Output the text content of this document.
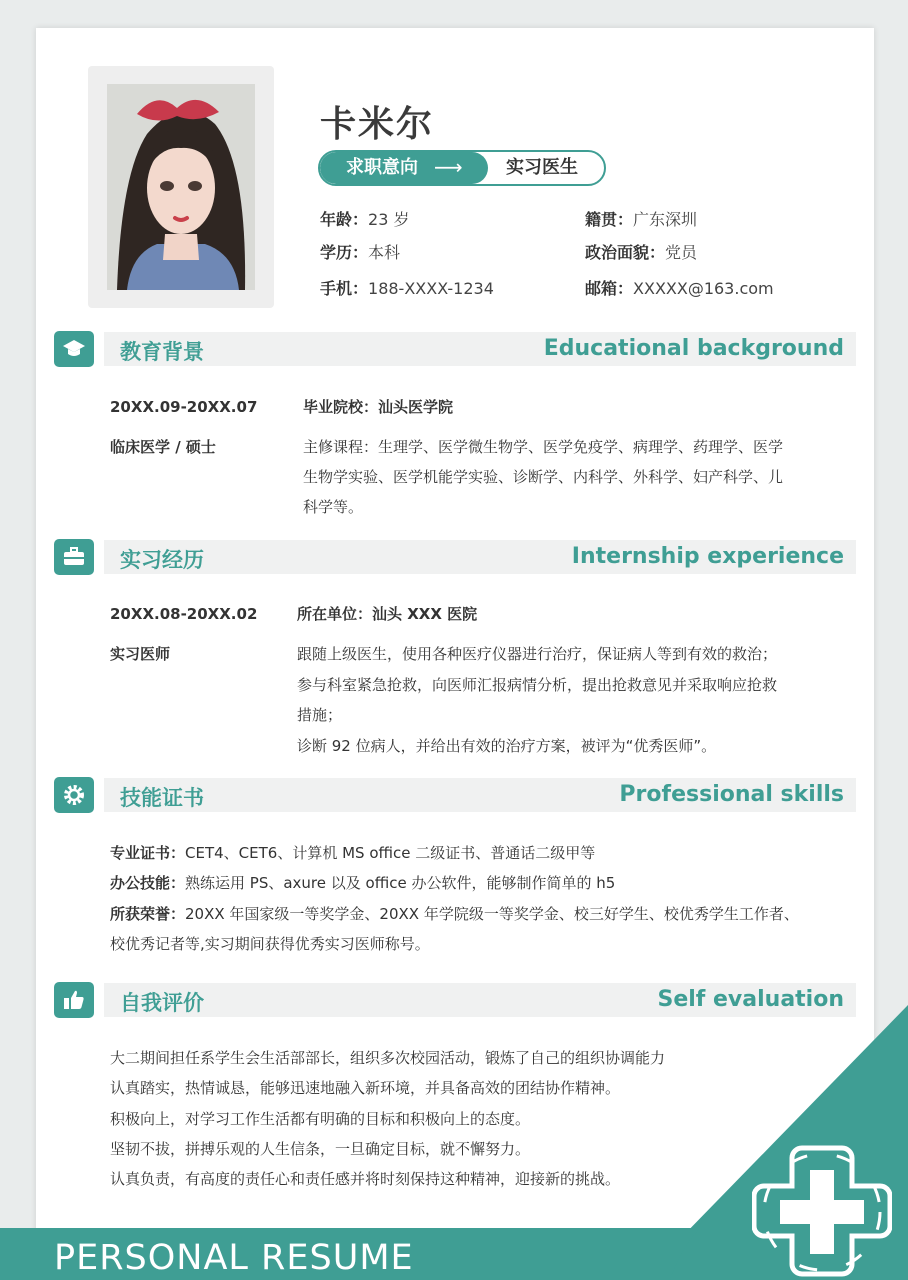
PERSONAL RESUME
卡米尔
求职意向 ⟶ 实习医生
年龄：23 岁	籍贯：广东深圳
学历：本科	政治面貌：党员
手机：188-XXXX-1234	邮箱：XXXXX@163.com
教育背景	Educational background
20XX.09-20XX.07	毕业院校：汕头医学院
临床医学 / 硕士	主修课程：生理学、医学微生物学、医学免疫学、病理学、药理学、医学
生物学实验、医学机能学实验、诊断学、内科学、外科学、妇产科学、儿
科学等。
实习经历	Internship experience
20XX.08-20XX.02	所在单位：汕头 XXX 医院
实习医师	跟随上级医生，使用各种医疗仪器进行治疗，保证病人等到有效的救治；
参与科室紧急抢救，向医师汇报病情分析，提出抢救意见并采取响应抢救
措施；
诊断 92 位病人，并给出有效的治疗方案，被评为“优秀医师”。
技能证书	Professional skills
专业证书：CET4、CET6、计算机 MS office 二级证书、普通话二级甲等
办公技能：熟练运用 PS、axure 以及 office 办公软件，能够制作简单的 h5
所获荣誉：20XX 年国家级一等奖学金、20XX 年学院级一等奖学金、校三好学生、校优秀学生工作者、
校优秀记者等,实习期间获得优秀实习医师称号。
自我评价	Self evaluation
大二期间担任系学生会生活部部长，组织多次校园活动，锻炼了自己的组织协调能力
认真踏实，热情诚恳，能够迅速地融入新环境，并具备高效的团结协作精神。
积极向上，对学习工作生活都有明确的目标和积极向上的态度。
坚韧不拔，拼搏乐观的人生信条，一旦确定目标，就不懈努力。
认真负责，有高度的责任心和责任感并将时刻保持这种精神，迎接新的挑战。
